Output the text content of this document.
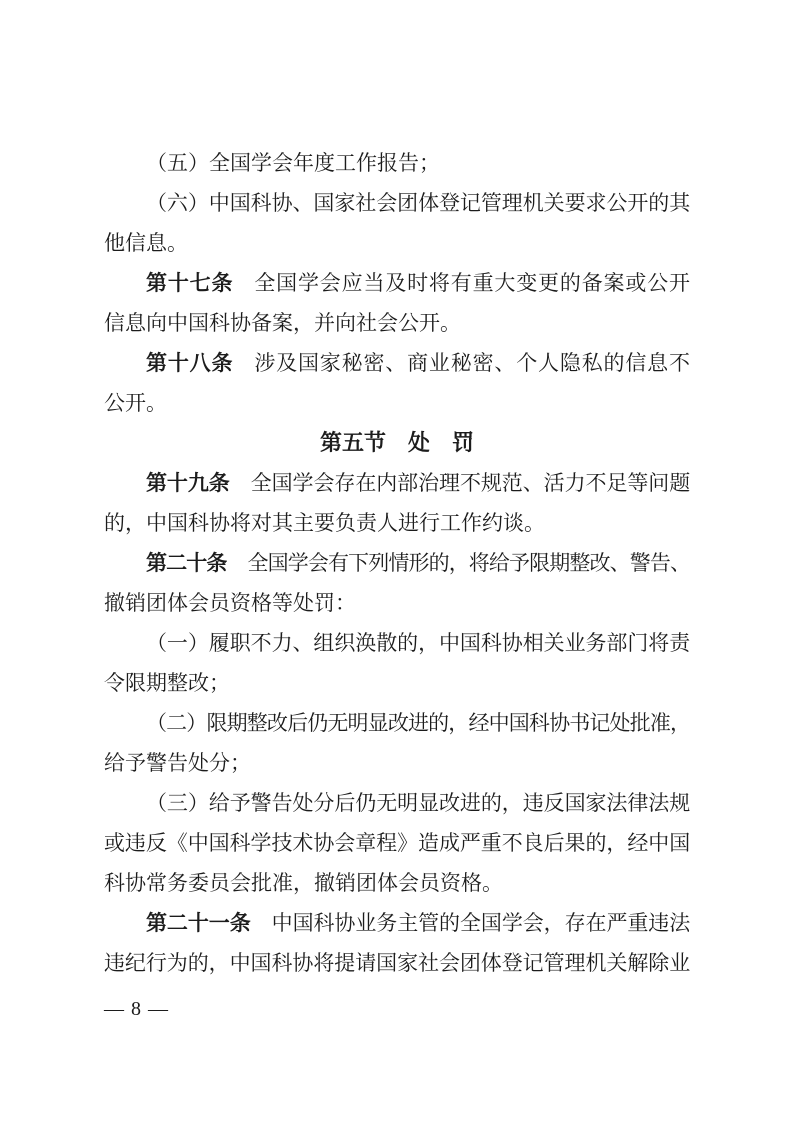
（五）全国学会年度工作报告；
（六）中国科协、国家社会团体登记管理机关要求公开的其
他信息。
第十七条 全国学会应当及时将有重大变更的备案或公开
信息向中国科协备案，并向社会公开。
第十八条 涉及国家秘密、商业秘密、个人隐私的信息不
公开。
第五节　处　罚
第十九条 全国学会存在内部治理不规范、活力不足等问题
的，中国科协将对其主要负责人进行工作约谈。
第二十条 全国学会有下列情形的，将给予限期整改、警告、
撤销团体会员资格等处罚：
（一）履职不力、组织涣散的，中国科协相关业务部门将责
令限期整改；
（二）限期整改后仍无明显改进的，经中国科协书记处批准，
给予警告处分；
（三）给予警告处分后仍无明显改进的，违反国家法律法规
或违反《中国科学技术协会章程》造成严重不良后果的，经中国
科协常务委员会批准，撤销团体会员资格。
第二十一条 中国科协业务主管的全国学会，存在严重违法
违纪行为的，中国科协将提请国家社会团体登记管理机关解除业
— 8 —
